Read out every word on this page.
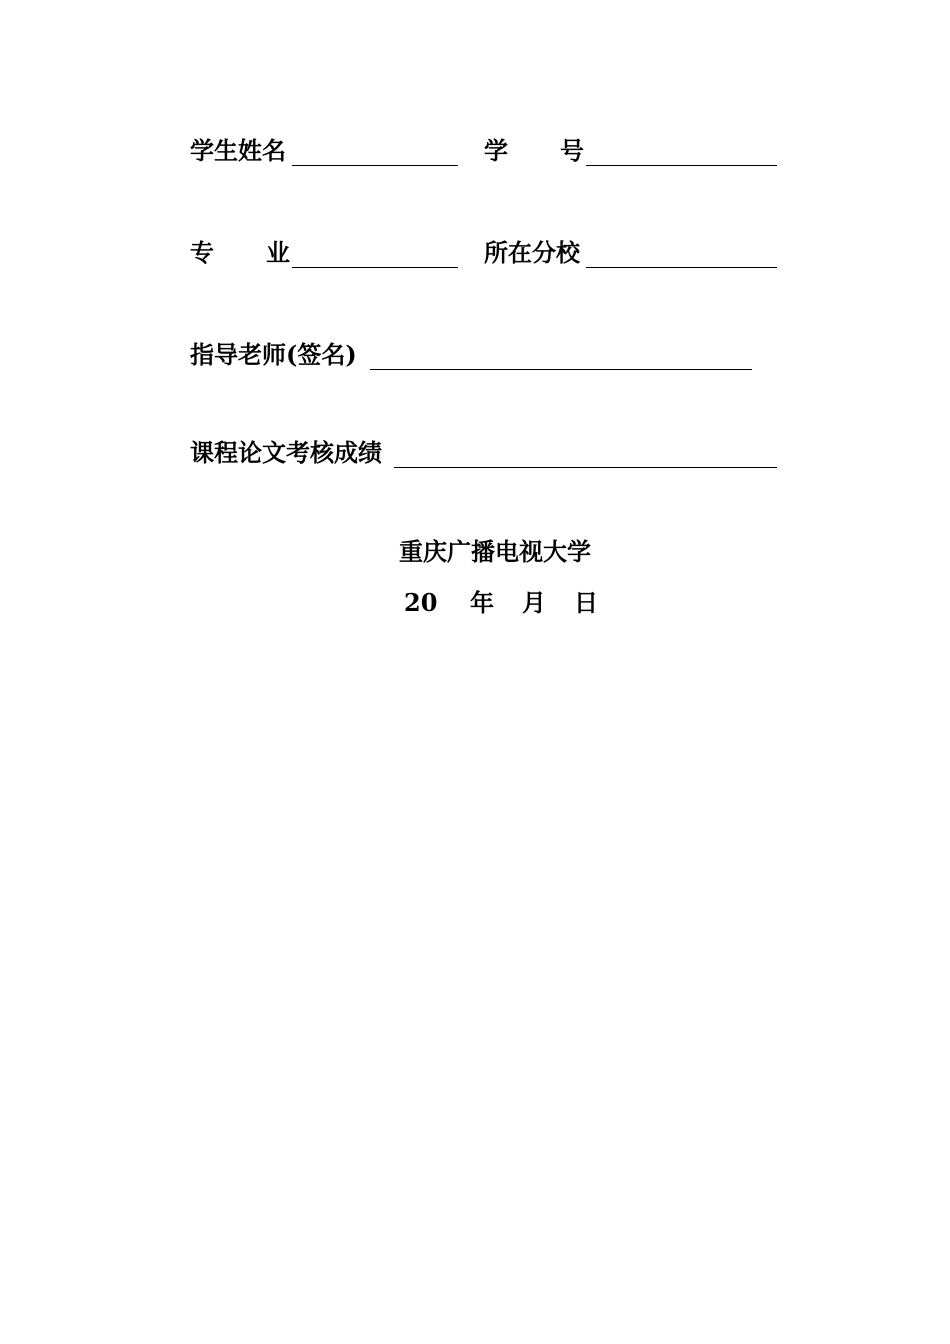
学生姓名	学 号
专 业	所在分校
指导老师(签名)
课程论文考核成绩
重庆广播电视大学
20 年 月 日
